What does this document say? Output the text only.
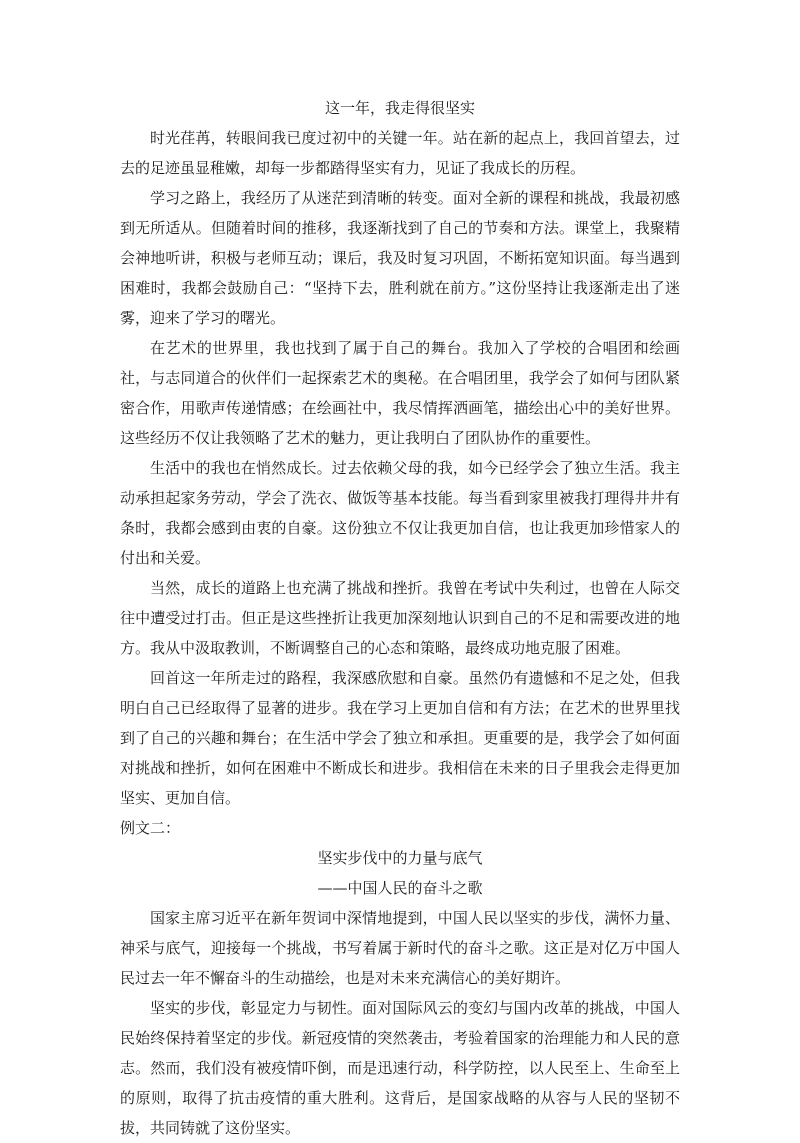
这一年，我走得很坚实

时光荏苒，转眼间我已度过初中的关键一年。站在新的起点上，我回首望去，过去的足迹虽显稚嫩，却每一步都踏得坚实有力，见证了我成长的历程。

学习之路上，我经历了从迷茫到清晰的转变。面对全新的课程和挑战，我最初感到无所适从。但随着时间的推移，我逐渐找到了自己的节奏和方法。课堂上，我聚精会神地听讲，积极与老师互动；课后，我及时复习巩固，不断拓宽知识面。每当遇到困难时，我都会鼓励自己：“坚持下去，胜利就在前方。”这份坚持让我逐渐走出了迷雾，迎来了学习的曙光。

在艺术的世界里，我也找到了属于自己的舞台。我加入了学校的合唱团和绘画社，与志同道合的伙伴们一起探索艺术的奥秘。在合唱团里，我学会了如何与团队紧密合作，用歌声传递情感；在绘画社中，我尽情挥洒画笔，描绘出心中的美好世界。这些经历不仅让我领略了艺术的魅力，更让我明白了团队协作的重要性。

生活中的我也在悄然成长。过去依赖父母的我，如今已经学会了独立生活。我主动承担起家务劳动，学会了洗衣、做饭等基本技能。每当看到家里被我打理得井井有条时，我都会感到由衷的自豪。这份独立不仅让我更加自信，也让我更加珍惜家人的付出和关爱。

当然，成长的道路上也充满了挑战和挫折。我曾在考试中失利过，也曾在人际交往中遭受过打击。但正是这些挫折让我更加深刻地认识到自己的不足和需要改进的地方。我从中汲取教训，不断调整自己的心态和策略，最终成功地克服了困难。

回首这一年所走过的路程，我深感欣慰和自豪。虽然仍有遗憾和不足之处，但我明白自己已经取得了显著的进步。我在学习上更加自信和有方法；在艺术的世界里找到了自己的兴趣和舞台；在生活中学会了独立和承担。更重要的是，我学会了如何面对挑战和挫折，如何在困难中不断成长和进步。我相信在未来的日子里我会走得更加坚实、更加自信。

例文二：

坚实步伐中的力量与底气

——中国人民的奋斗之歌

国家主席习近平在新年贺词中深情地提到，中国人民以坚实的步伐，满怀力量、神采与底气，迎接每一个挑战，书写着属于新时代的奋斗之歌。这正是对亿万中国人民过去一年不懈奋斗的生动描绘，也是对未来充满信心的美好期许。

坚实的步伐，彰显定力与韧性。面对国际风云的变幻与国内改革的挑战，中国人民始终保持着坚定的步伐。新冠疫情的突然袭击，考验着国家的治理能力和人民的意志。然而，我们没有被疫情吓倒，而是迅速行动，科学防控，以人民至上、生命至上的原则，取得了抗击疫情的重大胜利。这背后，是国家战略的从容与人民的坚韧不拔，共同铸就了这份坚实。
